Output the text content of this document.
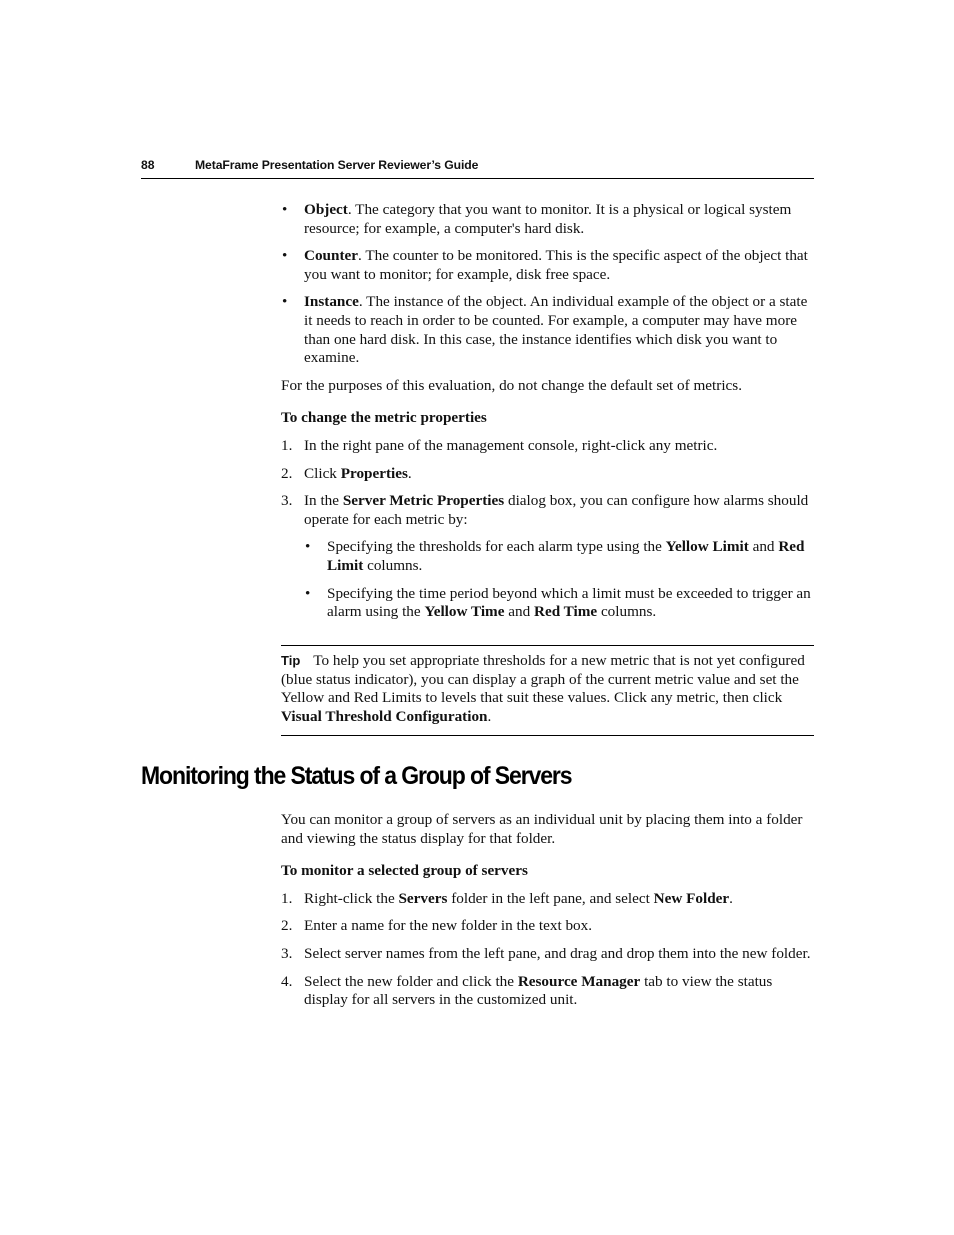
88	MetaFrame Presentation Server Reviewer’s Guide
• Object. The category that you want to monitor. It is a physical or logical system resource; for example, a computer's hard disk.
• Counter. The counter to be monitored. This is the specific aspect of the object that you want to monitor; for example, disk free space.
• Instance. The instance of the object. An individual example of the object or a state it needs to reach in order to be counted. For example, a computer may have more than one hard disk. In this case, the instance identifies which disk you want to examine.

For the purposes of this evaluation, do not change the default set of metrics.

To change the metric properties

1. In the right pane of the management console, right-click any metric.
2. Click Properties.
3. In the Server Metric Properties dialog box, you can configure how alarms should operate for each metric by:
• Specifying the thresholds for each alarm type using the Yellow Limit and Red Limit columns.
• Specifying the time period beyond which a limit must be exceeded to trigger an alarm using the Yellow Time and Red Time columns.
Tip To help you set appropriate thresholds for a new metric that is not yet configured (blue status indicator), you can display a graph of the current metric value and set the Yellow and Red Limits to levels that suit these values. Click any metric, then click Visual Threshold Configuration.
Monitoring the Status of a Group of Servers

You can monitor a group of servers as an individual unit by placing them into a folder and viewing the status display for that folder.

To monitor a selected group of servers

1. Right-click the Servers folder in the left pane, and select New Folder.
2. Enter a name for the new folder in the text box.
3. Select server names from the left pane, and drag and drop them into the new folder.
4. Select the new folder and click the Resource Manager tab to view the status display for all servers in the customized unit.
